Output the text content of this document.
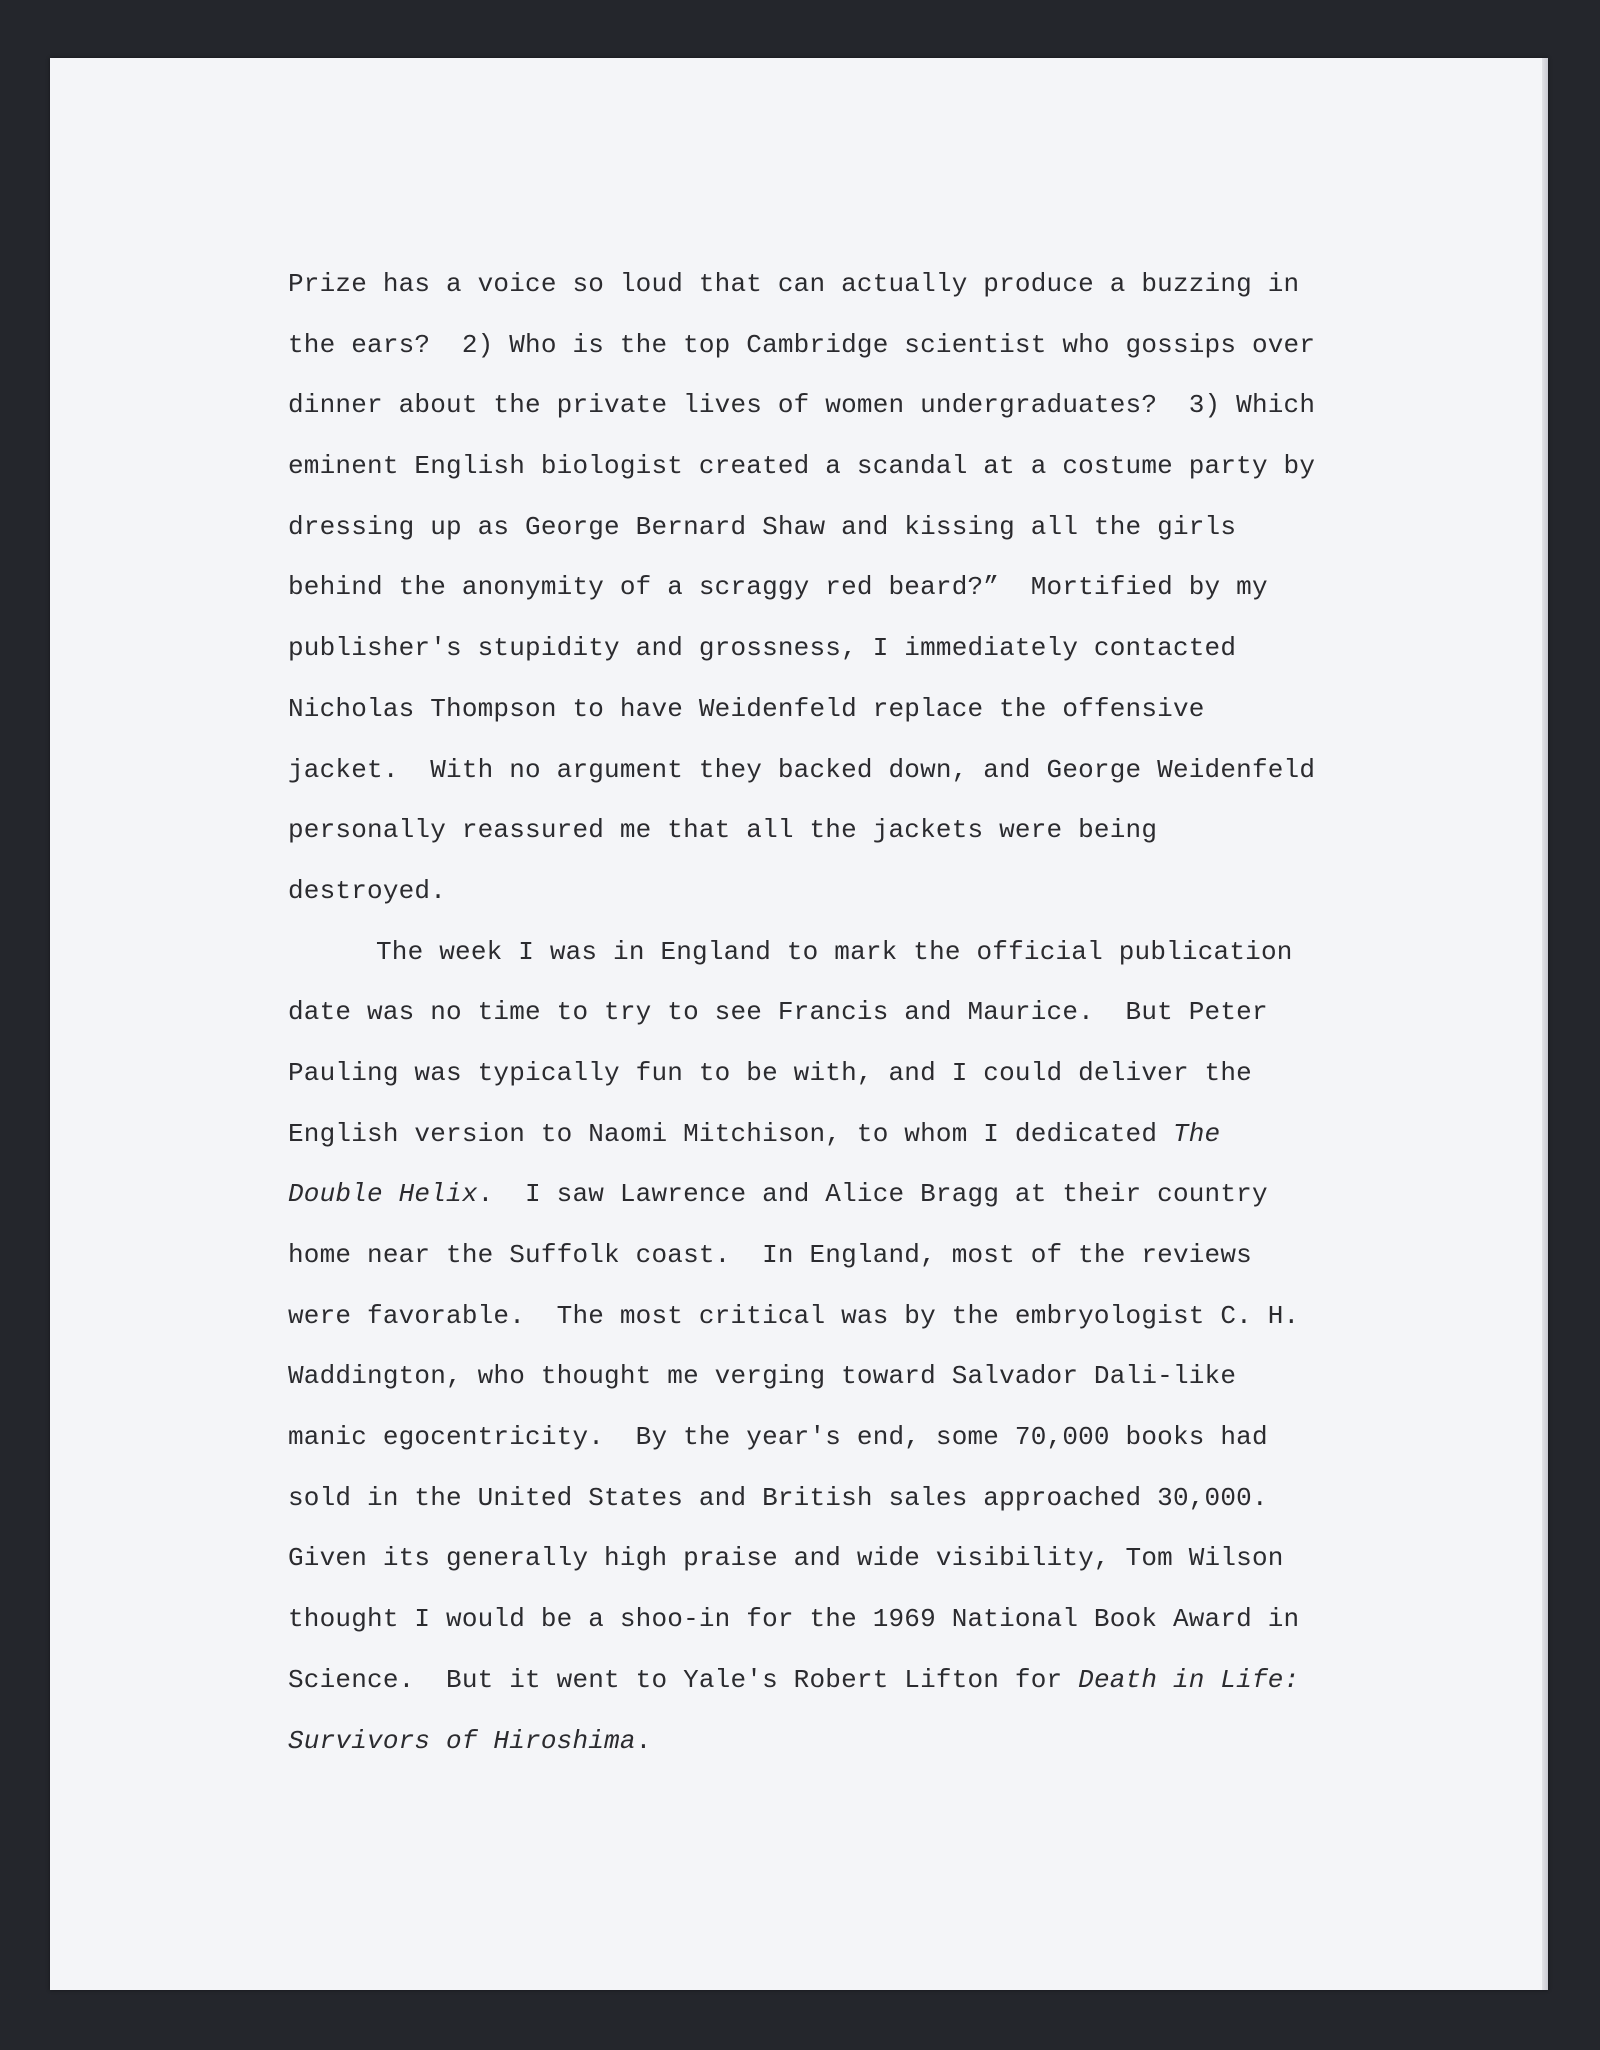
Prize has a voice so loud that can actually produce a buzzing in
the ears?  2) Who is the top Cambridge scientist who gossips over
dinner about the private lives of women undergraduates?  3) Which
eminent English biologist created a scandal at a costume party by
dressing up as George Bernard Shaw and kissing all the girls
behind the anonymity of a scraggy red beard?”  Mortified by my
publisher's stupidity and grossness, I immediately contacted
Nicholas Thompson to have Weidenfeld replace the offensive
jacket.  With no argument they backed down, and George Weidenfeld
personally reassured me that all the jackets were being
destroyed.
The week I was in England to mark the official publication
date was no time to try to see Francis and Maurice.  But Peter
Pauling was typically fun to be with, and I could deliver the
English version to Naomi Mitchison, to whom I dedicated The
Double Helix.  I saw Lawrence and Alice Bragg at their country
home near the Suffolk coast.  In England, most of the reviews
were favorable.  The most critical was by the embryologist C. H.
Waddington, who thought me verging toward Salvador Dali-like
manic egocentricity.  By the year's end, some 70,000 books had
sold in the United States and British sales approached 30,000.
Given its generally high praise and wide visibility, Tom Wilson
thought I would be a shoo-in for the 1969 National Book Award in
Science.  But it went to Yale's Robert Lifton for Death in Life:
Survivors of Hiroshima.
